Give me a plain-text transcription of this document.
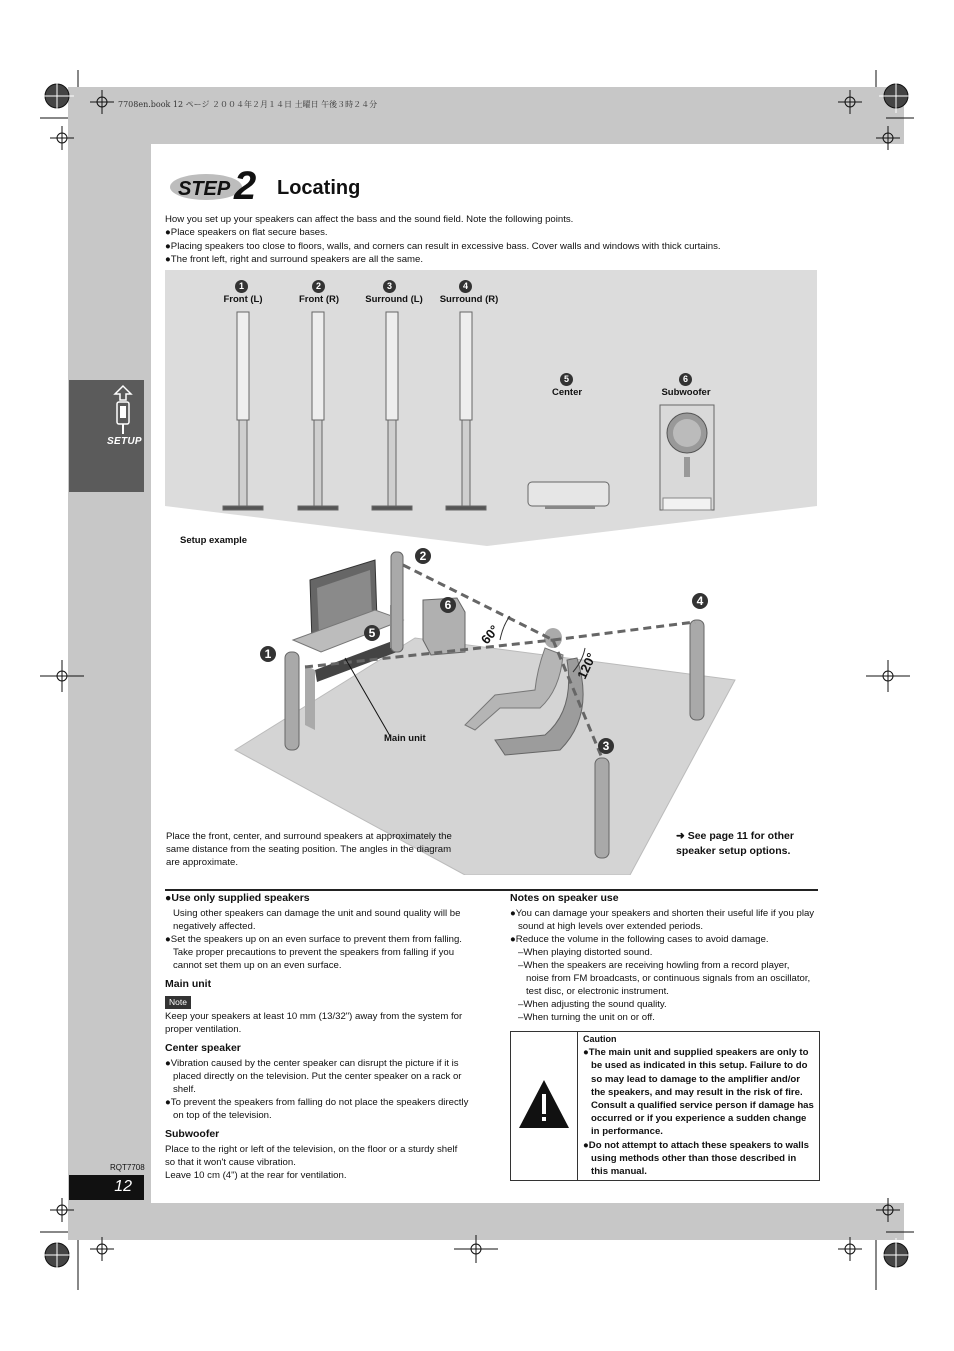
7708en.book 12 ページ ２００４年２月１４日 土曜日 午後３時２４分
SETUP
RQT7708
12
STEP 2 Locating

How you set up your speakers can affect the bass and the sound field. Note the following points.

●Place speakers on flat secure bases.

●Placing speakers too close to floors, walls, and corners can result in excessive bass. Cover walls and windows with thick curtains.

●The front left, right and surround speakers are all the same.

1
Front (L)
2
Front (R)
3
Surround (L)
4
Surround (R)
5
Center
6
Subwoofer
Setup example
60°
120°
1
2
3
4
5
6
Main unit
Place the front, center, and surround speakers at approximately the same distance from the seating position. The angles in the diagram are approximate.
➜ See page 11 for other speaker setup options.

●Use only supplied speakers

Using other speakers can damage the unit and sound quality will be negatively affected.

●Set the speakers up on an even surface to prevent them from falling. Take proper precautions to prevent the speakers from falling if you cannot set them up on an even surface.

Main unit

Note

Keep your speakers at least 10 mm (13/32") away from the system for proper ventilation.

Center speaker

●Vibration caused by the center speaker can disrupt the picture if it is placed directly on the television. Put the center speaker on a rack or shelf.

●To prevent the speakers from falling do not place the speakers directly on top of the television.

Subwoofer

Place to the right or left of the television, on the floor or a sturdy shelf so that it won't cause vibration.

Leave 10 cm (4") at the rear for ventilation.

Notes on speaker use

●You can damage your speakers and shorten their useful life if you play sound at high levels over extended periods.

●Reduce the volume in the following cases to avoid damage.

–When playing distorted sound.

–When the speakers are receiving howling from a record player, noise from FM broadcasts, or continuous signals from an oscillator, test disc, or electronic instrument.

–When adjusting the sound quality.

–When turning the unit on or off.

Caution
●The main unit and supplied speakers are only to be used as indicated in this setup. Failure to do so may lead to damage to the amplifier and/or the speakers, and may result in the risk of fire. Consult a qualified service person if damage has occurred or if you experience a sudden change in performance.
●Do not attempt to attach these speakers to walls using methods other than those described in this manual.
